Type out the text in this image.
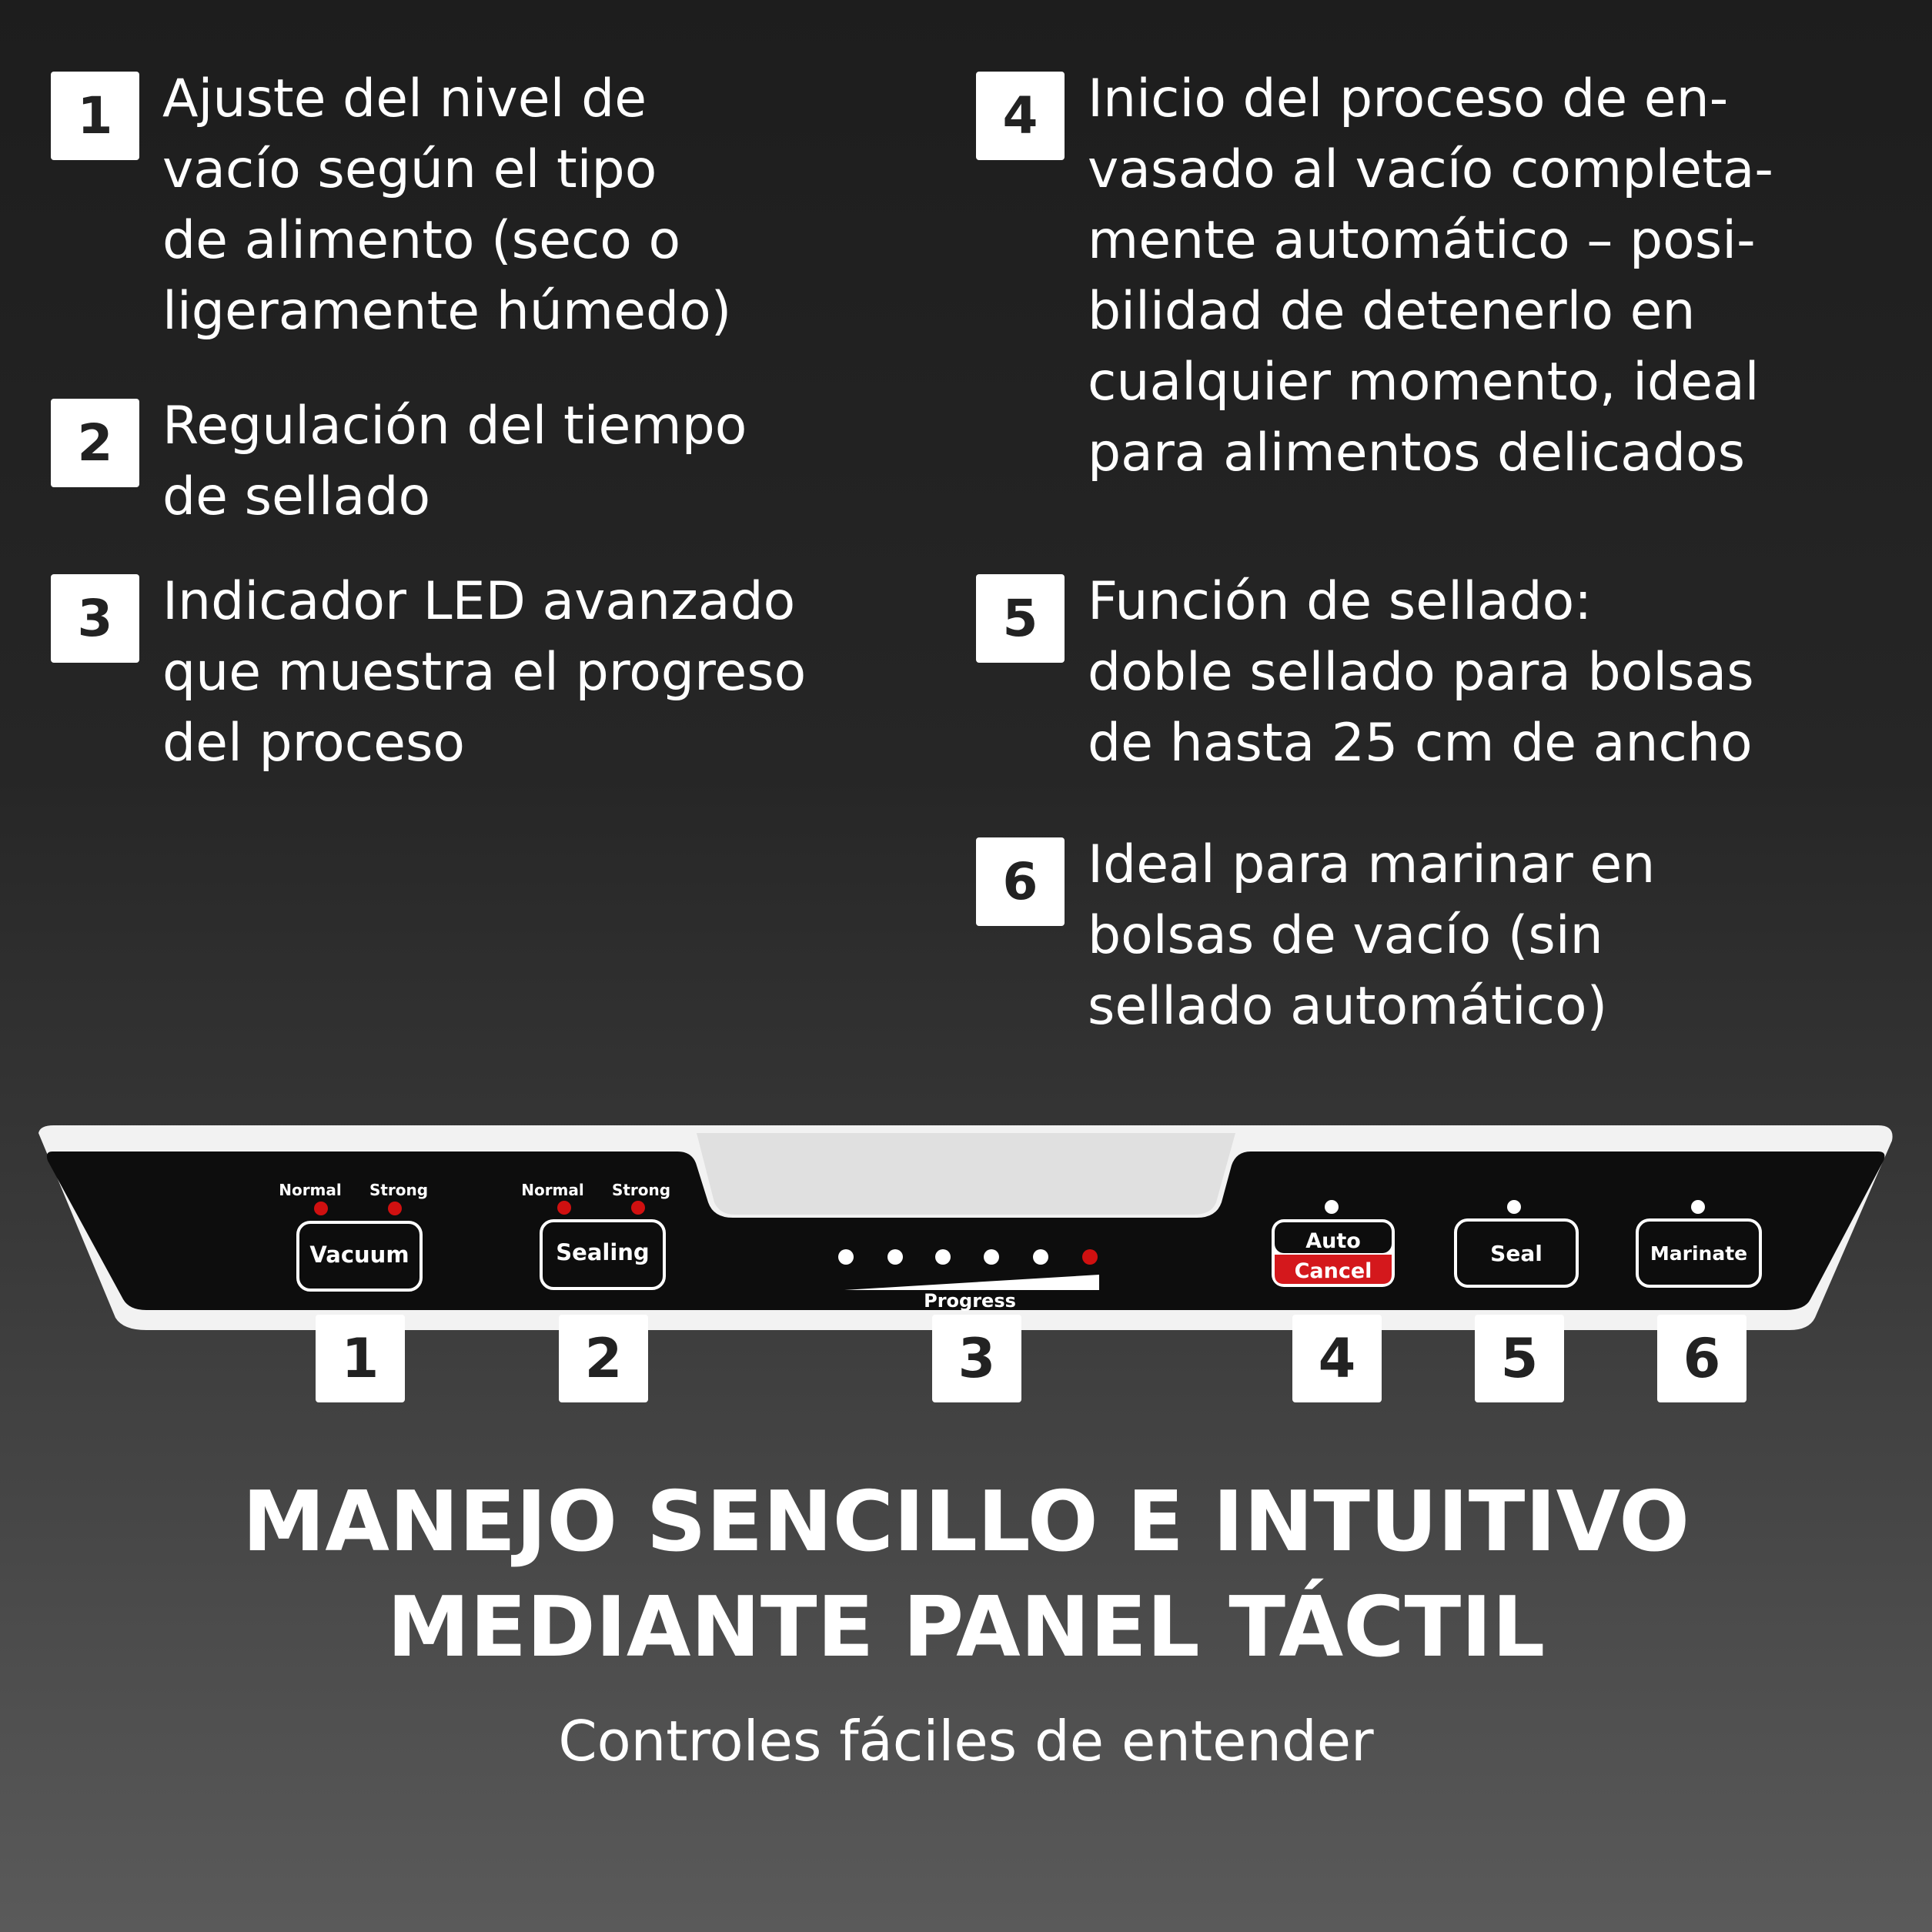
1 Ajuste del nivel de
vacío según el tipo
de alimento (seco o
ligeramente húmedo)
2 Regulación del tiempo
de sellado
3 Indicador LED avanzado
que muestra el progreso
del proceso
4 Inicio del proceso de en-
vasado al vacío completa-
mente automático – posi-
bilidad de detenerlo en
cualquier momento, ideal
para alimentos delicados
5 Función de sellado:
doble sellado para bolsas
de hasta 25 cm de ancho
6 Ideal para marinar en
bolsas de vacío (sin
sellado automático)
Normal Strong
Vacuum
Normal Strong
Sealing
Progress
Auto
Cancel
Seal	Marinate
1	2	3	4	5	6
MANEJO SENCILLO E INTUITIVO
MEDIANTE PANEL TÁCTIL
Controles fáciles de entender
